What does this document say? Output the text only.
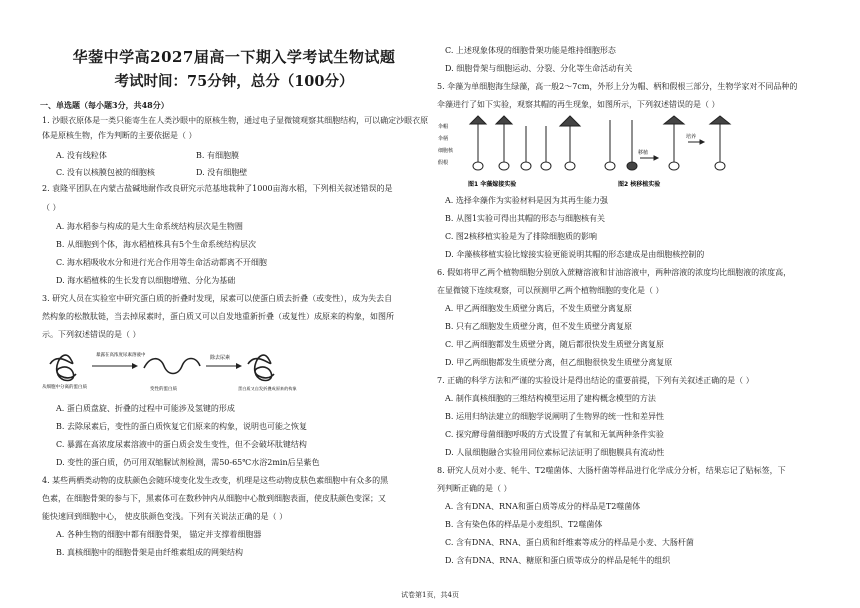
华蓥中学高2027届高一下期入学考试生物试题
考试时间：75分钟，总分（100分）
一、单选题（每小题3分，共48分）
1. 沙眼衣原体是一类只能寄生在人类沙眼中的原核生物，通过电子显微镜观察其细胞结构，可以确定沙眼衣原
体是原核生物，作为判断的主要依据是（ ）
A. 没有线粒体	B. 有细胞膜
C. 没有以核膜包被的细胞核	D. 没有细胞壁
2. 袁隆平团队在内蒙古盐碱地耐作改良研究示范基地栽种了1000亩海水稻，下列相关叙述错误的是
（ ）
A. 海水稻参与构成的是大生命系统结构层次是生物圈
B. 从细胞到个体，海水稻植株具有5个生命系统结构层次
C. 海水稻吸收水分和进行光合作用等生命活动都离不开细胞
D. 海水稻植株的生长发育以细胞增殖、分化为基础
3. 研究人员在实验室中研究蛋白质的折叠时发现，尿素可以使蛋白质去折叠（或变性），成为失去自
然构象的松散肽链，当去掉尿素时，蛋白质又可以自发地重新折叠（或复性）成原来的构象，如图所
示。下列叙述错误的是（ ）
暴露在高浓度尿素溶液中	除去尿素
从细胞中分离的蛋白质	变性的蛋白质	蛋白质又自发折叠成原来的构象
A. 蛋白质盘旋、折叠的过程中可能涉及氢键的形成
B. 去除尿素后，变性的蛋白质恢复它们原来的构象，说明也可能之恢复
C. 暴露在高浓度尿素溶液中的蛋白质会发生变性，但不会破坏肽键结构
D. 变性的蛋白质，仍可用双缩脲试剂检测，需50-65℃水浴2min后呈紫色
4. 某些两栖类动物的皮肤颜色会随环境变化发生改变，机理是这些动物皮肤色素细胞中有众多的黑
色素，在细胞骨架的参与下，黑素体可在数秒钟内从细胞中心散到细胞表面，使皮肤颜色变深；又
能快速回到细胞中心， 使皮肤颜色变浅。下列有关说法正确的是（ ）
A. 各种生物的细胞中都有细胞骨架， 锚定并支撑着细胞器
B. 真核细胞中的细胞骨架是由纤维素组成的网架结构
C. 上述现象体现的细胞骨架功能是维持细胞形态
D. 细胞骨架与细胞运动、分裂、分化等生命活动有关
5. 伞藻为单细胞海生绿藻，高一般2～7cm，外形上分为帽、柄和假根三部分，生物学家对不同品种的
伞藻进行了如下实验，观察其帽的再生现象，如图所示，下列叙述错误的是（ ）
伞帽
伞柄
细胞核
假根
移植
培养
图1 伞藻嫁接实验	图2 核移植实验
A. 选择伞藻作为实验材料是因为其再生能力强
B. 从图1实验可得出其帽的形态与细胞核有关
C. 图2核移植实验是为了排除细胞质的影响
D. 伞藻核移植实验比嫁接实验更能说明其帽的形态建成是由细胞核控制的
6. 假如将甲乙两个植物细胞分别放入蔗糖溶液和甘油溶液中，两种溶液的浓度均比细胞液的浓度高，
在显微镜下连续观察，可以预测甲乙两个植物细胞的变化是（ ）
A. 甲乙两细胞发生质壁分离后，不发生质壁分离复原
B. 只有乙细胞发生质壁分离，但不发生质壁分离复原
C. 甲乙两细胞都发生质壁分离，随后都很快发生质壁分离复原
D. 甲乙两细胞都发生质壁分离，但乙细胞很快发生质壁分离复原
7. 正确的科学方法和严谨的实验设计是得出结论的重要前提，下列有关叙述正确的是（ ）
A. 制作真核细胞的三维结构模型运用了建构概念模型的方法
B. 运用归纳法建立的细胞学说阐明了生物界的统一性和差异性
C. 探究酵母菌细胞呼吸的方式设置了有氧和无氧两种条件实验
D. 人鼠细胞融合实验用同位素标记法证明了细胞膜具有流动性
8. 研究人员对小麦、牦牛、T2噬菌体、大肠杆菌等样品进行化学成分分析，结果忘记了贴标签，下
列判断正确的是（ ）
A. 含有DNA、RNA和蛋白质等成分的样品是T2噬菌体
B. 含有染色体的样品是小麦组织、T2噬菌体
C. 含有DNA、RNA、蛋白质和纤维素等成分的样品是小麦、大肠杆菌
D. 含有DNA、RNA、糖原和蛋白质等成分的样品是牦牛的组织
试卷第1页，共4页
